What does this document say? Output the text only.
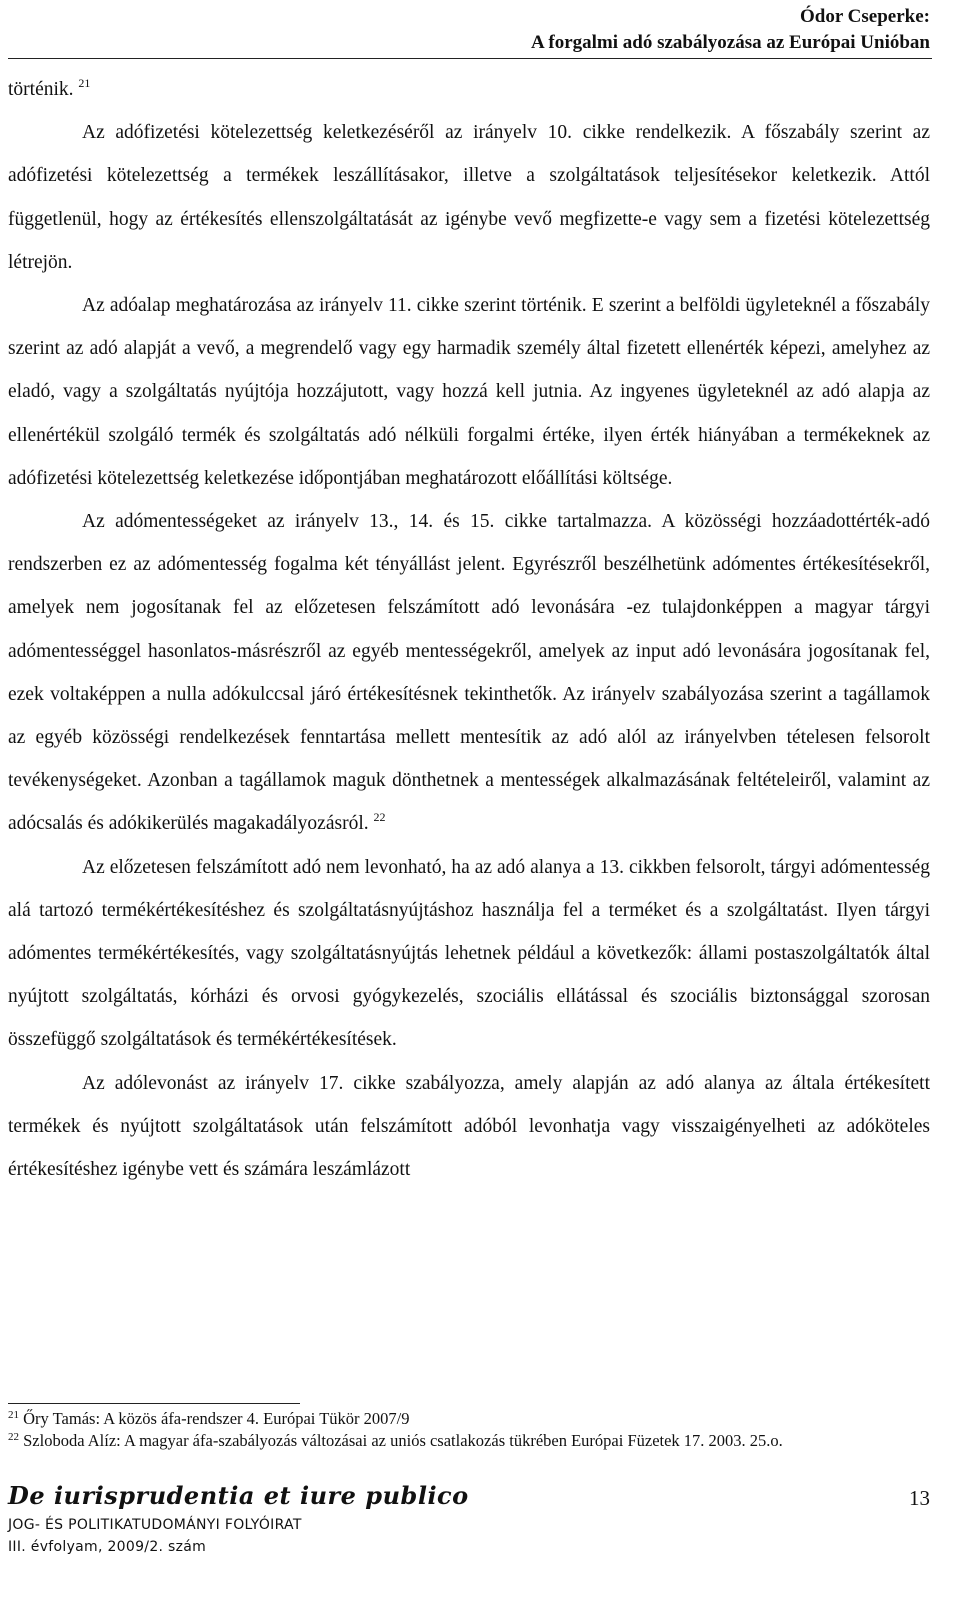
Ódor Cseperke:
A forgalmi adó szabályozása az Európai Unióban

történik. $^{21}$

Az adófizetési kötelezettség keletkezéséről az irányelv 10. cikke rendelkezik. A főszabály szerint az adófizetési kötelezettség a termékek leszállításakor, illetve a szolgáltatások teljesítésekor keletkezik. Attól függetlenül, hogy az értékesítés ellenszolgáltatását az igénybe vevő megfizette-e vagy sem a fizetési kötelezettség létrejön.

Az adóalap meghatározása az irányelv 11. cikke szerint történik. E szerint a belföldi ügyleteknél a főszabály szerint az adó alapját a vevő, a megrendelő vagy egy harmadik személy által fizetett ellenérték képezi, amelyhez az eladó, vagy a szolgáltatás nyújtója hozzájutott, vagy hozzá kell jutnia. Az ingyenes ügyleteknél az adó alapja az ellenértékül szolgáló termék és szolgáltatás adó nélküli forgalmi értéke, ilyen érték hiányában a termékeknek az adófizetési kötelezettség keletkezése időpontjában meghatározott előállítási költsége.

Az adómentességeket az irányelv 13., 14. és 15. cikke tartalmazza. A közösségi hozzáadottérték-adó rendszerben ez az adómentesség fogalma két tényállást jelent. Egyrészről beszélhetünk adómentes értékesítésekről, amelyek nem jogosítanak fel az előzetesen felszámított adó levonására -ez tulajdonképpen a magyar tárgyi adómentességgel hasonlatos-másrészről az egyéb mentességekről, amelyek az input adó levonására jogosítanak fel, ezek voltaképpen a nulla adókulccsal járó értékesítésnek tekinthetők. Az irányelv szabályozása szerint a tagállamok az egyéb közösségi rendelkezések fenntartása mellett mentesítik az adó alól az irányelvben tételesen felsorolt tevékenységeket. Azonban a tagállamok maguk dönthetnek a mentességek alkalmazásának feltételeiről, valamint az adócsalás és adókikerülés magakadályozásról. $^{22}$

Az előzetesen felszámított adó nem levonható, ha az adó alanya a 13. cikkben felsorolt, tárgyi adómentesség alá tartozó termékértékesítéshez és szolgáltatásnyújtáshoz használja fel a terméket és a szolgáltatást. Ilyen tárgyi adómentes termékértékesítés, vagy szolgáltatásnyújtás lehetnek például a következők: állami postaszolgáltatók által nyújtott szolgáltatás, kórházi és orvosi gyógykezelés, szociális ellátással és szociális biztonsággal szorosan összefüggő szolgáltatások és termékértékesítések.

Az adólevonást az irányelv 17. cikke szabályozza, amely alapján az adó alanya az általa értékesített termékek és nyújtott szolgáltatások után felszámított adóból levonhatja vagy visszaigényelheti az adóköteles értékesítéshez igénybe vett és számára leszámlázott

$^{21}$ Őry Tamás: A közös áfa-rendszer 4. Európai Tükör 2007/9

$^{22}$ Szloboda Alíz: A magyar áfa-szabályozás változásai az uniós csatlakozás tükrében Európai Füzetek 17. 2003. 25.o.

De iurisprudentia et iure publico
JOG- ÉS POLITIKATUDOMÁNYI FOLYÓIRAT
III. évfolyam, 2009/2. szám
13
